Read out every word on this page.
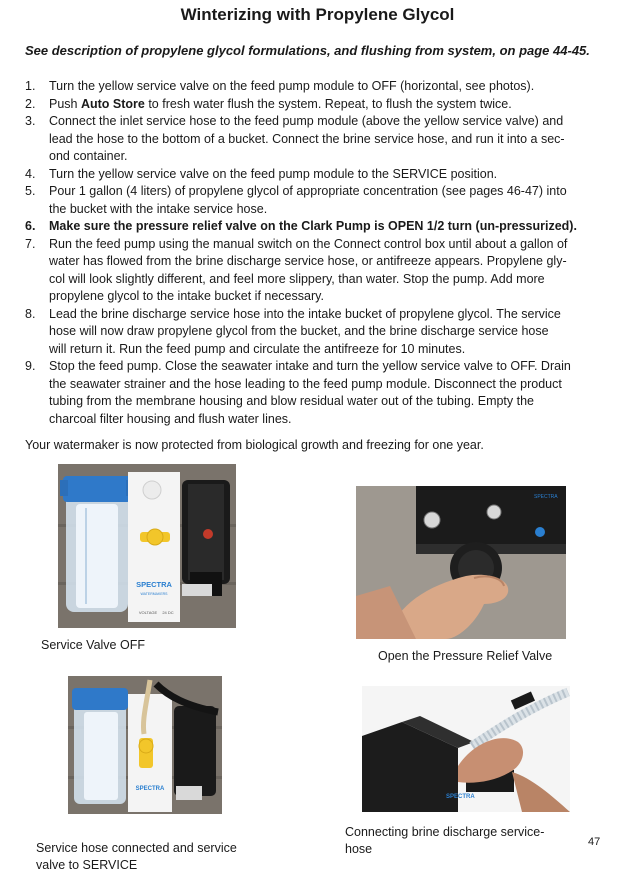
Winterizing with Propylene Glycol
See description of propylene glycol formulations, and flushing from system, on page 44-45.
1. Turn the yellow service valve on the feed pump module to OFF (horizontal, see photos).
2. Push Auto Store to fresh water flush the system. Repeat, to flush the system twice.
3. Connect the inlet service hose to the feed pump module (above the yellow service valve) and
lead the hose to the bottom of a bucket. Connect the brine service hose, and run it into a sec-
ond container.
4. Turn the yellow service valve on the feed pump module to the SERVICE position.
5. Pour 1 gallon (4 liters) of propylene glycol of appropriate concentration (see pages 46-47) into
the bucket with the intake service hose.
6. Make sure the pressure relief valve on the Clark Pump is OPEN 1/2 turn (un-pressurized).
7. Run the feed pump using the manual switch on the Connect control box until about a gallon of
water has flowed from the brine discharge service hose, or antifreeze appears. Propylene gly-
col will look slightly different, and feel more slippery, than water. Stop the pump. Add more
propylene glycol to the intake bucket if necessary.
8. Lead the brine discharge service hose into the intake bucket of propylene glycol. The service
hose will now draw propylene glycol from the bucket, and the brine discharge service hose
will return it. Run the feed pump and circulate the antifreeze for 10 minutes.
9. Stop the feed pump. Close the seawater intake and turn the yellow service valve to OFF. Drain
the seawater strainer and the hose leading to the feed pump module. Disconnect the product
tubing from the membrane housing and blow residual water out of the tubing. Empty the
charcoal filter housing and flush water lines.
Your watermaker is now protected from biological growth and freezing for one year.
SPECTRA
WATERMAKERS
VOLTAGE 24 DC
Service Valve OFF
SPECTRA
Open the Pressure Relief Valve
SPECTRA
Service hose connected and service
valve to SERVICE
SPECTRA
Connecting brine discharge service-
hose	47
